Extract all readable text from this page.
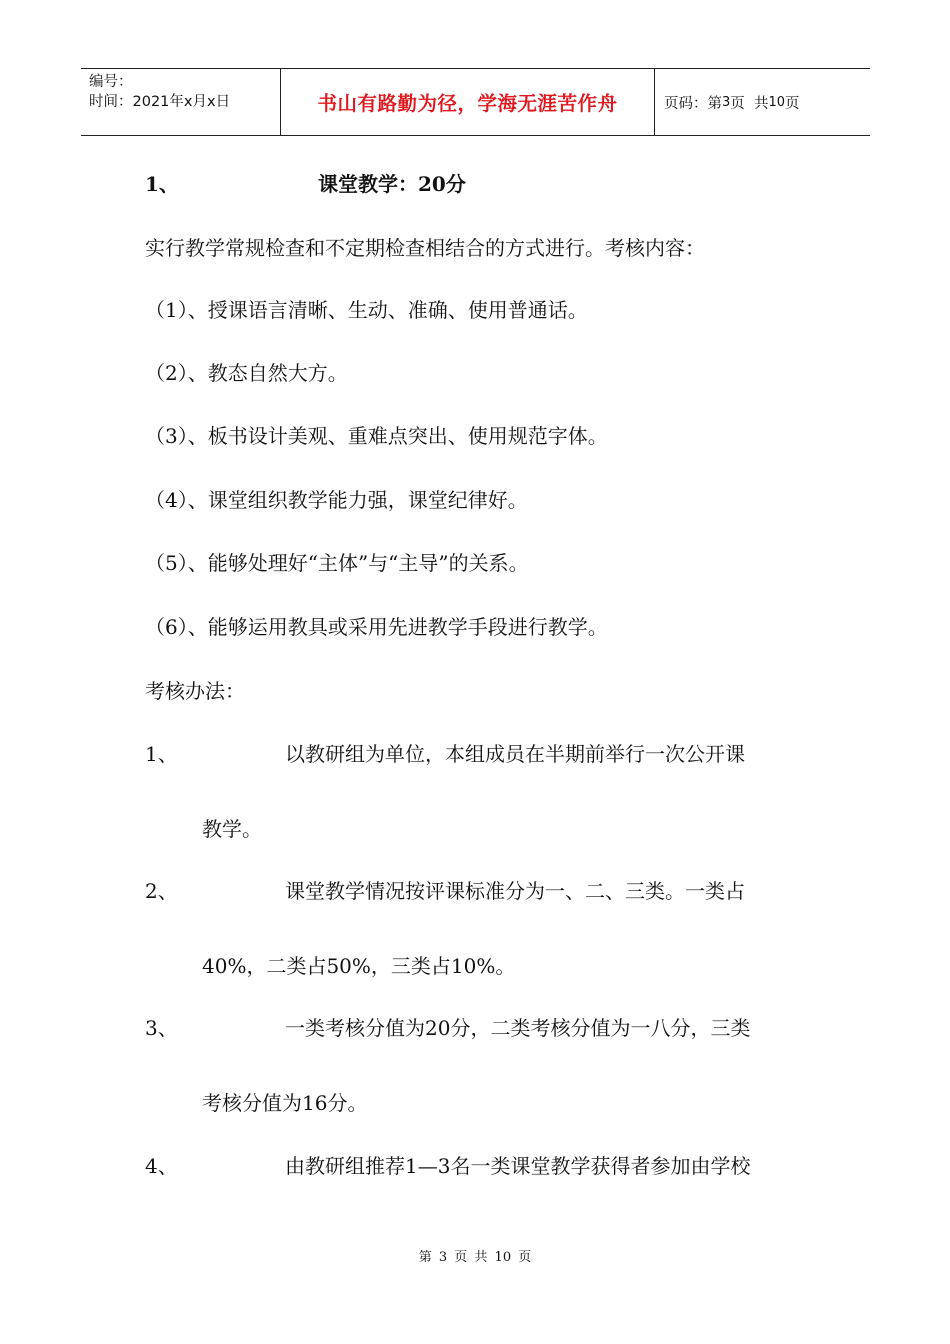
编号：
时间：2021年x月x日	书山有路勤为径，学海无涯苦作舟	页码：第 3 页  共 10 页
1、	课堂教学：20分
实行教学常规检查和不定期检查相结合的方式进行。考核内容：
（1）、授课语言清晰、生动、准确、使用普通话。
（2）、教态自然大方。
（3）、板书设计美观、重难点突出、使用规范字体。
（4）、课堂组织教学能力强，课堂纪律好。
（5）、能够处理好“主体”与“主导”的关系。
（6）、能够运用教具或采用先进教学手段进行教学。
考核办法：
1、	以教研组为单位，本组成员在半期前举行一次公开课
教学。
2、	课堂教学情况按评课标准分为一、二、三类。一类占
40%，二类占50%，三类占10%。
3、	一类考核分值为20分，二类考核分值为一八分，三类
考核分值为16分。
4、	由教研组推荐1—3名一类课堂教学获得者参加由学校
第 3 页 共 10 页
